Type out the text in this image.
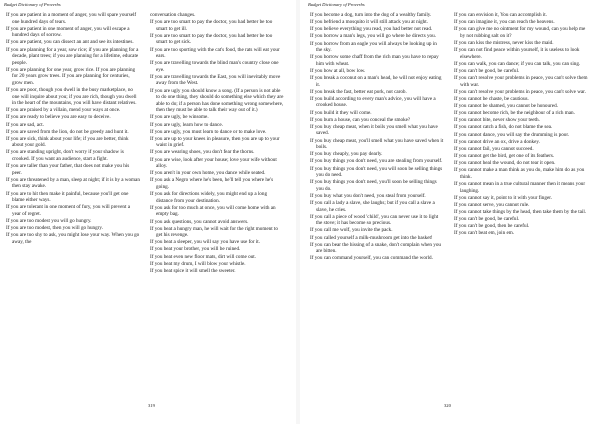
Budget Dictionary of Proverbs

If you are patient in a moment of anger, you will spare yourself one hundred days of tears.

If you are patient in one moment of anger, you will escape a hundred days of sorrow.

If you are patient, you can dissect an ant and see its intestines.

If you are planning for a year, sow rice; if you are planning for a decade, plant trees; if you are planning for a lifetime, educate people.

If you are planning for one year, grow rice. If you are planning for 20 years grow trees. If you are planning for centuries, grow men.

If you are poor, though you dwell in the busy marketplace, no one will inquire about you; if you are rich, though you dwell in the heart of the mountains, you will have distant relatives.

If you are praised by a villain, mend your ways at once.

If you are ready to believe you are easy to deceive.

If you are sad, act.

If you are saved from the lion, do not be greedy and hunt it.

If you are sick, think about your life; if you are better, think about your gold.

If you are standing upright, don't worry if your shadow is crooked. If you want an audience, start a fight.

If you are taller than your father, that does not make you his peer.

If you are threatened by a man, sleep at night; if it is by a woman then stay awake.

If you are to hit then make it painful, because you'll get one blame either ways.

If you are tolerant in one moment of fury, you will prevent a year of regret.

If you are too modest you will go hungry.

If you are too modest, then you will go hungry.

If you are too shy to ask, you might lose your way. When you go away, the

conversation changes.

If you are too smart to pay the doctor, you had better be too smart to get ill.

If you are too smart to pay the doctor, you had better be too smart to get sick.

If you are too sporting with the cat's food, the rats will eat your ears.

If you are travelling towards the blind man's country close one eye.

If you are travelling towards the East, you will inevitably move away from the West.

If you are ugly you should know a song. (If a person is not able to do one thing, they should do something else which they are able to do; if a person has done something wrong somewhere, then they must be able to talk their way out of it.)

If you are ugly, be winsome.

If you are ugly, learn how to dance.

If you are ugly, you must learn to dance or to make love.

If you are up to your knees in pleasure, then you are up to your waist in grief.

If you are wearing shoes, you don't fear the thorns.

If you are wise, look after your house; love your wife without alloy.

If you aren't in your own home, you dance while seated.

If you ask a Negro where he's been, he'll tell you where he's going.

If you ask for directions widely, you might end up a long distance from your destination.

If you ask for too much at once, you will come home with an empty bag.

If you ask questions, you cannot avoid answers.

If you beat a hungry man, he will wait for the right moment to get his revenge.

If you beat a sleeper, you will say you have use for it.

If you beat your brother, you will be ruined.

If you beat even new floor mats, dirt will come out.

If you beat my drum, I will blow your whistle.

If you beat spice it will smell the sweeter.

319
Budget Dictionary of Proverbs

If you become a dog, turn into the dog of a wealthy family.

If you befriend a mosquito it will still attack you at night.

If you believe everything you read, you had better not read.

If you borrow a man's legs, you will go where he directs you.

If you borrow from an eagle you will always be looking up in the sky.

If you borrow some chaff from the rich man you have to repay him with wheat.

If you bow at all, bow low.

If you break a coconut on a man's head, he will not enjoy eating it.

If you break the fast, better eat pork, not carob.

If you build according to every man's advice, you will have a crooked house.

If you build it they will come.

If you burn a house, can you conceal the smoke?

If you buy cheap meat, when it boils you smell what you have saved.

If you buy cheap meat, you'll smell what you have saved when it boils.

If you buy cheaply, you pay dearly.

If you buy things you don't need, you are stealing from yourself.

If you buy things you don't need, you will soon be selling things you do need.

If you buy things you don't need, you'll soon be selling things you do.

If you buy what you don't need, you steal from yourself.

If you call a lady a slave, she laughs; but if you call a slave a slave, he cries.

If you call a piece of wood 'child', you can never use it to light the stove; it has become so precious.

If you call me wolf, you invite the pack.

If you called yourself a milk-mushroom get into the basket!

If you can bear the hissing of a snake, don't complain when you are bitten.

If you can command yourself, you can command the world.

If you can envision it, You can accomplish it.

If you can imagine it, you can reach the heavens.

If you can give me no ointment for my wound, can you help me by not rubbing salt on it?

If you can kiss the mistress, never kiss the maid.

If you can not find peace within yourself, it is useless to look elsewhere.

If you can walk, you can dance; if you can talk, you can sing.

If you can't be good, be careful.

If you can't resolve your problems in peace, you can't solve them with war.

If you can't resolve your problems in peace, you can't solve war.

If you cannot be chaste, be cautious.

If you cannot be shamed, you cannot be honoured.

If you cannot become rich, be the neighbour of a rich man.

If you cannot bite, never show your teeth.

If you cannot catch a fish, do not blame the sea.

If you cannot dance, you will say the drumming is poor.

If you cannot drive an ox, drive a donkey.

If you cannot fail, you cannot succeed.

If you cannot get the bird, get one of its feathers.

If you cannot heal the wound, do not tear it open.

If you cannot make a man think as you do, make him do as you think.

If you cannot mean in a true cultural manner then it means your laughing.

If you cannot say it, point to it with your finger.

If you cannot serve, you cannot rule.

If you cannot take things by the head, then take them by the tail.

If you can't be good, be careful.

If you can't be good, then be careful.

If you can't beat em, join em.

320
